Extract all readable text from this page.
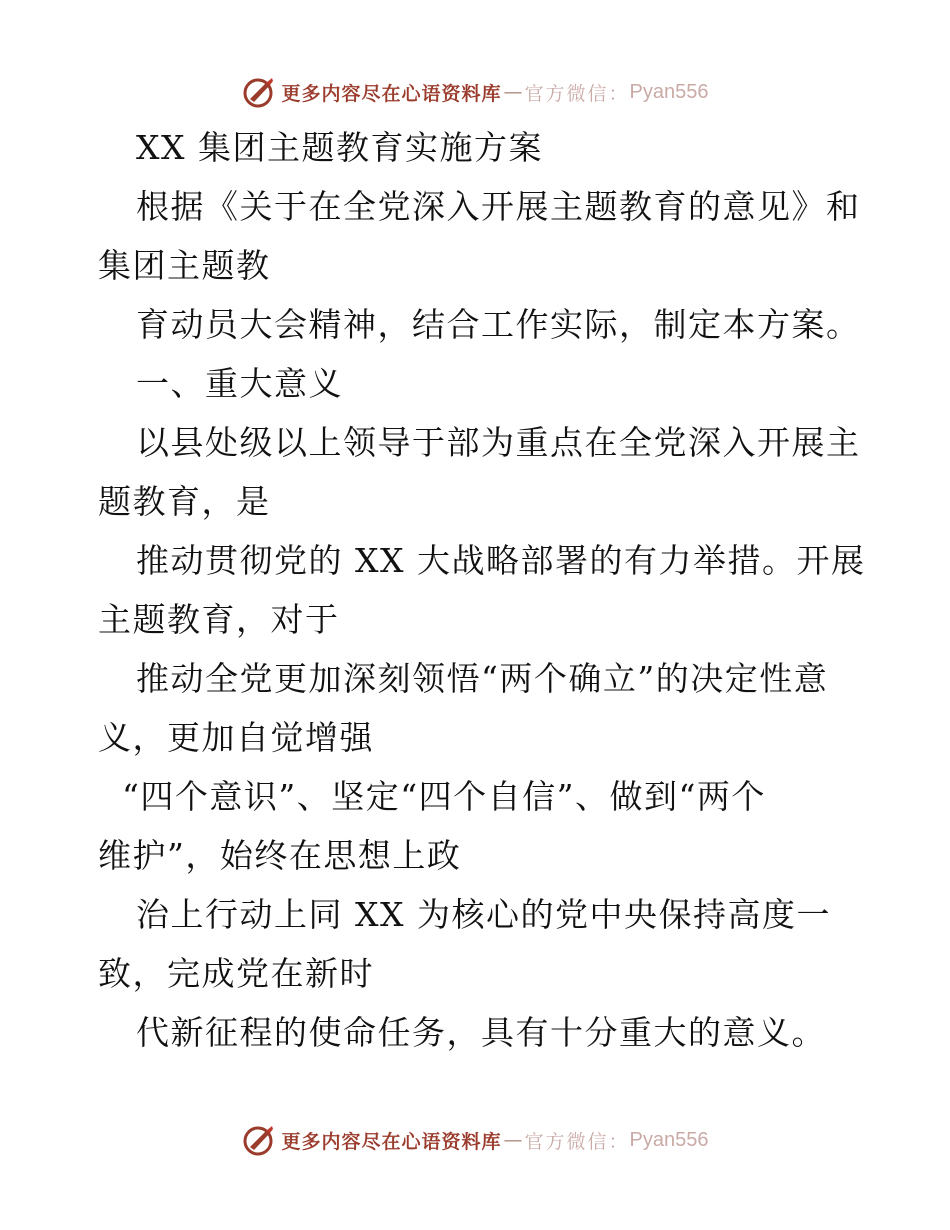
更多内容尽在心语资料库 — 官方微信： Pyan556
XX 集团主题教育实施方案
根据《关于在全党深入开展主题教育的意见》和
集团主题教
育动员大会精神，结合工作实际，制定本方案。
一、重大意义
以县处级以上领导于部为重点在全党深入开展主
题教育，是
推动贯彻党的 XX 大战略部署的有力举措。开展
主题教育，对于
推动全党更加深刻领悟“两个确立”的决定性意
义，更加自觉增强
“四个意识”、坚定“四个自信”、做到“两个
维护”，始终在思想上政
治上行动上同 XX 为核心的党中央保持高度一
致，完成党在新时
代新征程的使命任务，具有十分重大的意义。
更多内容尽在心语资料库 — 官方微信： Pyan556
